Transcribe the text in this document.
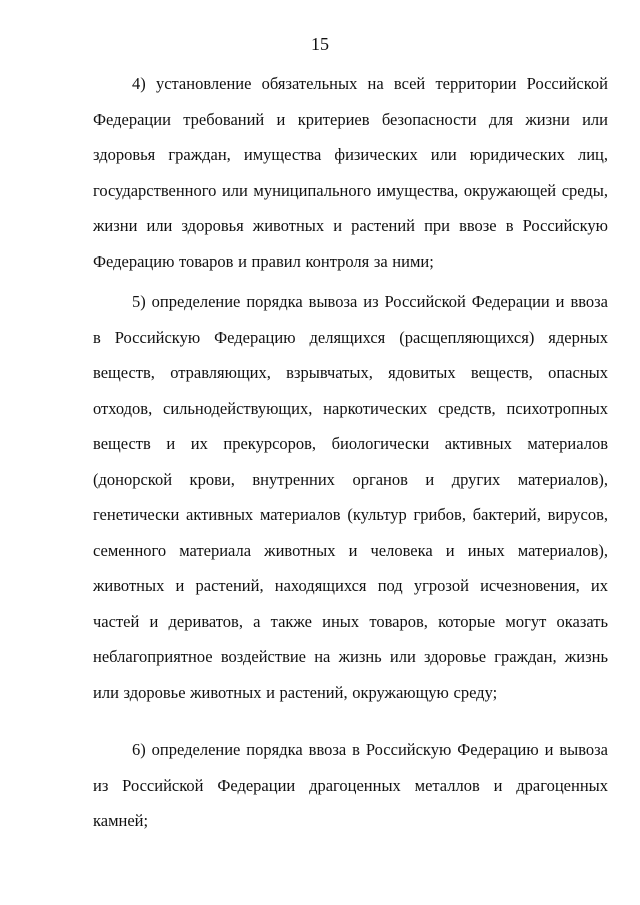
15

4) установление обязательных на всей территории Российской Федерации требований и критериев безопасности для жизни или здоровья граждан, имущества физических или юридических лиц, государственного или муниципального имущества, окружающей среды, жизни или здоровья животных и растений при ввозе в Российскую Федерацию товаров и правил контроля за ними;

5) определение порядка вывоза из Российской Федерации и ввоза в Российскую Федерацию делящихся (расщепляющихся) ядерных веществ, отравляющих, взрывчатых, ядовитых веществ, опасных отходов, сильнодействующих, наркотических средств, психотропных веществ и их прекурсоров, биологически активных материалов (донорской крови, внутренних органов и других материалов), генетически активных материалов (культур грибов, бактерий, вирусов, семенного материала животных и человека и иных материалов), животных и растений, находящихся под угрозой исчезновения, их частей и дериватов, а также иных товаров, которые могут оказать неблагоприятное воздействие на жизнь или здоровье граждан, жизнь или здоровье животных и растений, окружающую среду;

6) определение порядка ввоза в Российскую Федерацию и вывоза из Российской Федерации драгоценных металлов и драгоценных камней;
